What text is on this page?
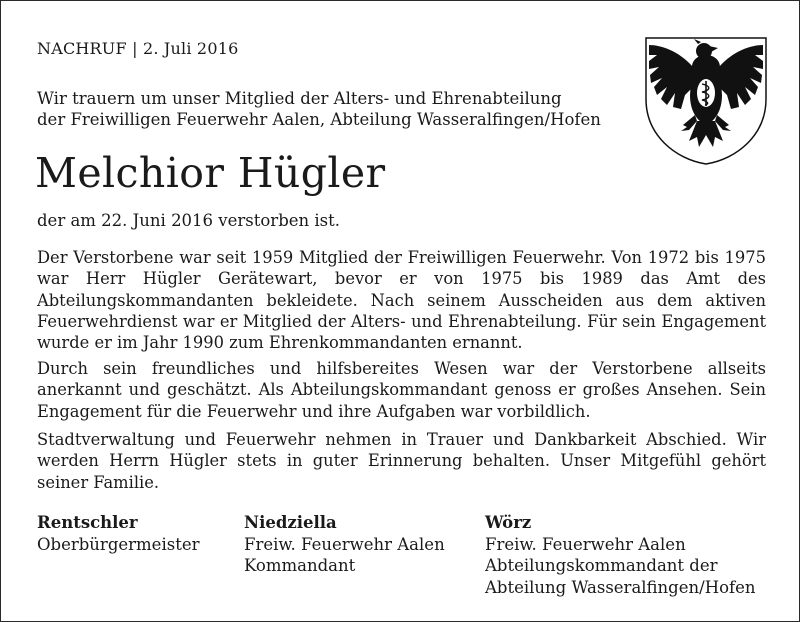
NACHRUF | 2. Juli 2016
Wir trauern um unser Mitglied der Alters- und Ehrenabteilung
der Freiwilligen Feuerwehr Aalen, Abteilung Wasseralfingen/Hofen
Melchior Hügler
der am 22. Juni 2016 verstorben ist.

Der Verstorbene war seit 1959 Mitglied der Freiwilligen Feuerwehr. Von 1972 bis 1975 war Herr Hügler Gerätewart, bevor er von 1975 bis 1989 das Amt des Abteilungskommandanten bekleidete. Nach seinem Ausscheiden aus dem aktiven Feuerwehrdienst war er Mitglied der Alters- und Ehrenabteilung. Für sein Engagement wurde er im Jahr 1990 zum Ehrenkommandanten ernannt.

Durch sein freundliches und hilfsbereites Wesen war der Verstorbene allseits anerkannt und geschätzt. Als Abteilungskommandant genoss er großes Ansehen. Sein Engagement für die Feuerwehr und ihre Aufgaben war vorbildlich.

Stadtverwaltung und Feuerwehr nehmen in Trauer und Dankbarkeit Abschied. Wir werden Herrn Hügler stets in guter Erinnerung behalten. Unser Mitgefühl gehört seiner Familie.

Rentschler
Oberbürgermeister
Niedziella
Freiw. Feuerwehr Aalen
Kommandant
Wörz
Freiw. Feuerwehr Aalen
Abteilungskommandant der
Abteilung Wasseralfingen/Hofen
